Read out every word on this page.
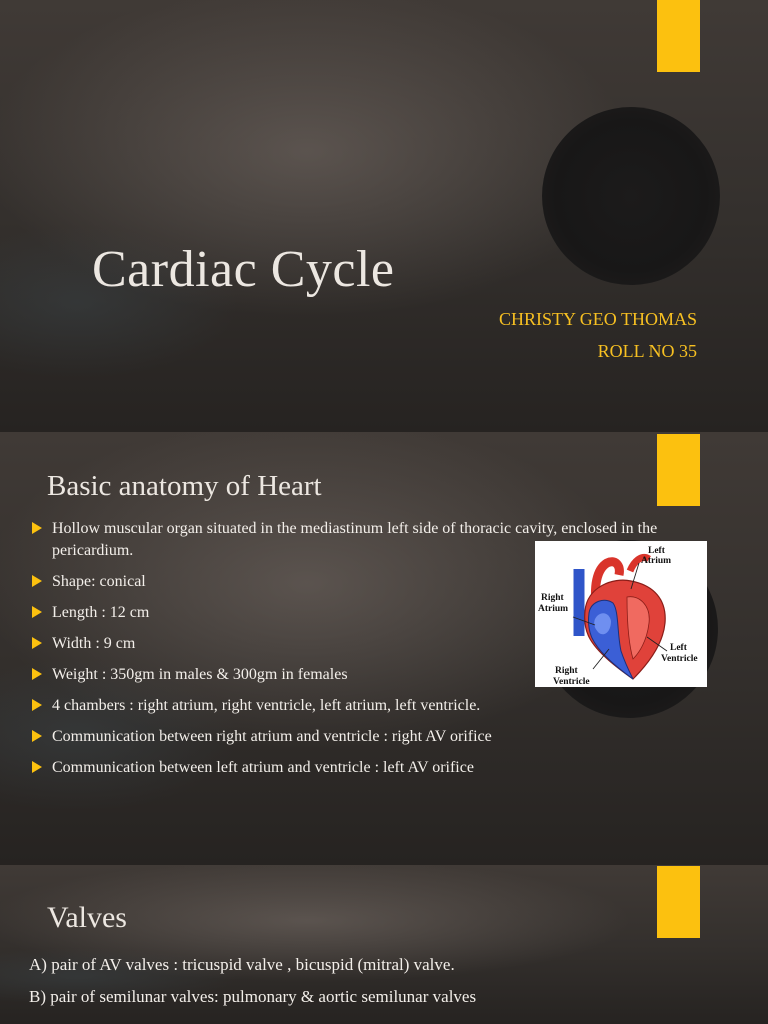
Cardiac Cycle
CHRISTY GEO THOMAS
ROLL NO 35
Basic anatomy of Heart
Hollow muscular organ situated in the mediastinum left side of thoracic cavity, enclosed in the pericardium.
Shape: conical
Length : 12 cm
Width : 9 cm
Weight : 350gm in males & 300gm in females
4 chambers : right atrium, right ventricle, left atrium, left ventricle.
Communication between right atrium and ventricle : right AV orifice
Communication between left atrium and ventricle : left AV orifice
Left
Atrium
Right
Atrium
Left
Ventricle
Right
Ventricle
Valves
A) pair of AV valves : tricuspid valve , bicuspid (mitral) valve.
B) pair of semilunar valves: pulmonary & aortic semilunar valves
